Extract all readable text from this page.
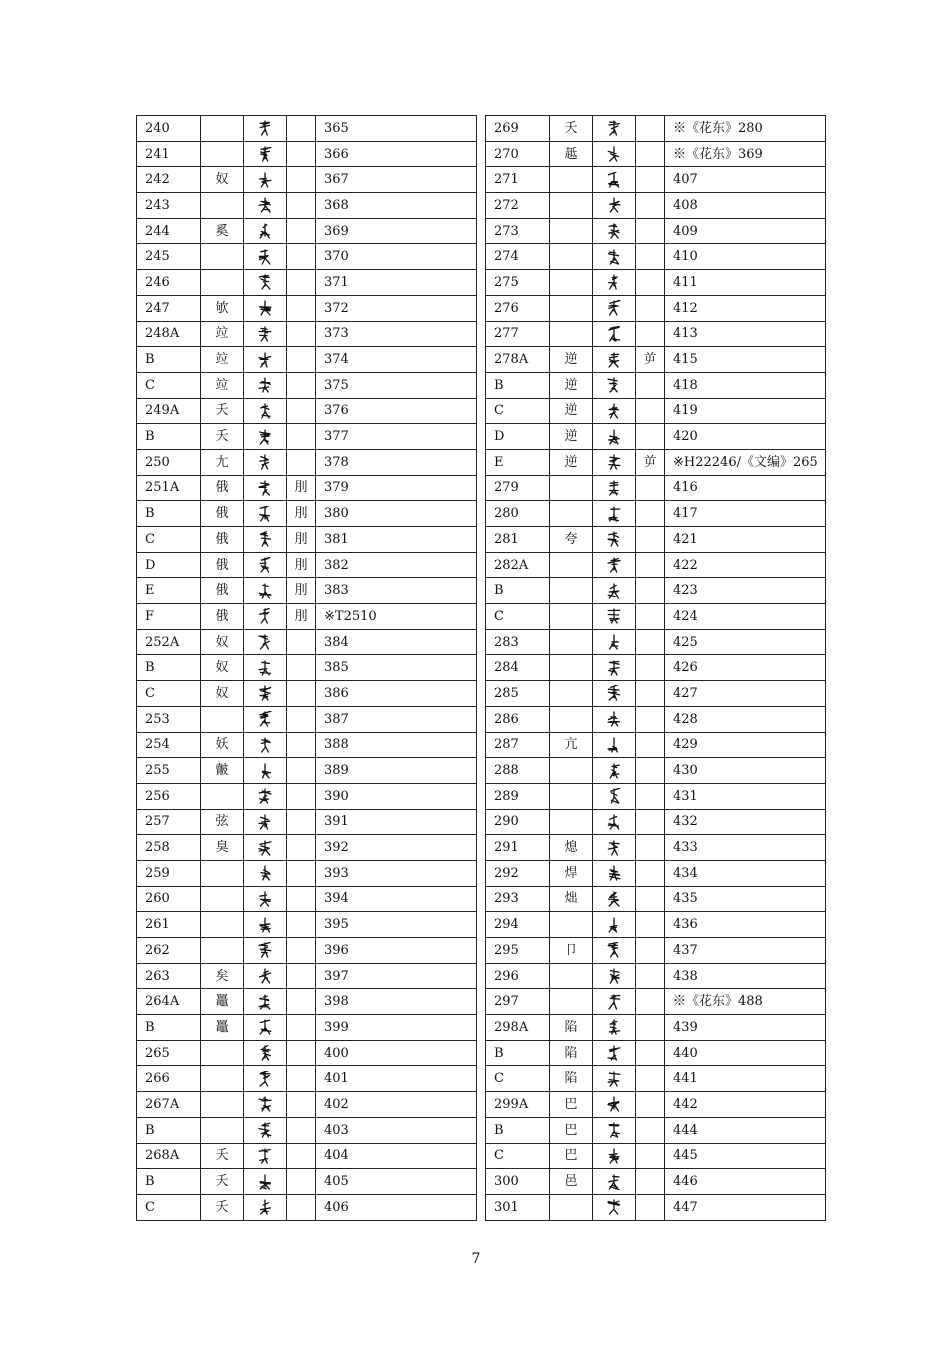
240				365
241				366
242	奴			367
243				368
244	奚			369
245				370
246				371
247	欨			372
248A	竝			373
B	竝			374
C	竝			375
249A	夭			376
B	夭			377
250	尢			378
251A	俄		刖	379
B	俄		刖	380
C	俄		刖	381
D	俄		刖	382
E	俄		刖	383
F	俄		刖	※T2510
252A	奴			384
B	奴			385
C	奴			386
253				387
254	妖			388
255	皾			389
256				390
257	弦			391
258	臭			392
259				393
260				394
261				395
262				396
263	矣			397
264A	鼉			398
B	鼉			399
265				400
266				401
267A				402
B				403
268A	夭			404
B	夭			405
C	夭			406
269	夭			※《花东》280
270	趆			※《花东》369
271				407
272				408
273				409
274				410
275				411
276				412
277				413
278A	逆		屰	415
B	逆			418
C	逆			419
D	逆			420
E	逆		屰	※H22246/《文编》265
279				416
280				417
281	夸			421
282A				422
B				423
C				424
283				425
284				426
285				427
286				428
287	亢			429
288				430
289				431
290				432
291	熄			433
292	焊			434
293	炪			435
294				436
295	卩			437
296				438
297				※《花东》488
298A	陷			439
B	陷			440
C	陷			441
299A	巴			442
B	巴			444
C	巴			445
300	邑			446
301				447
7
